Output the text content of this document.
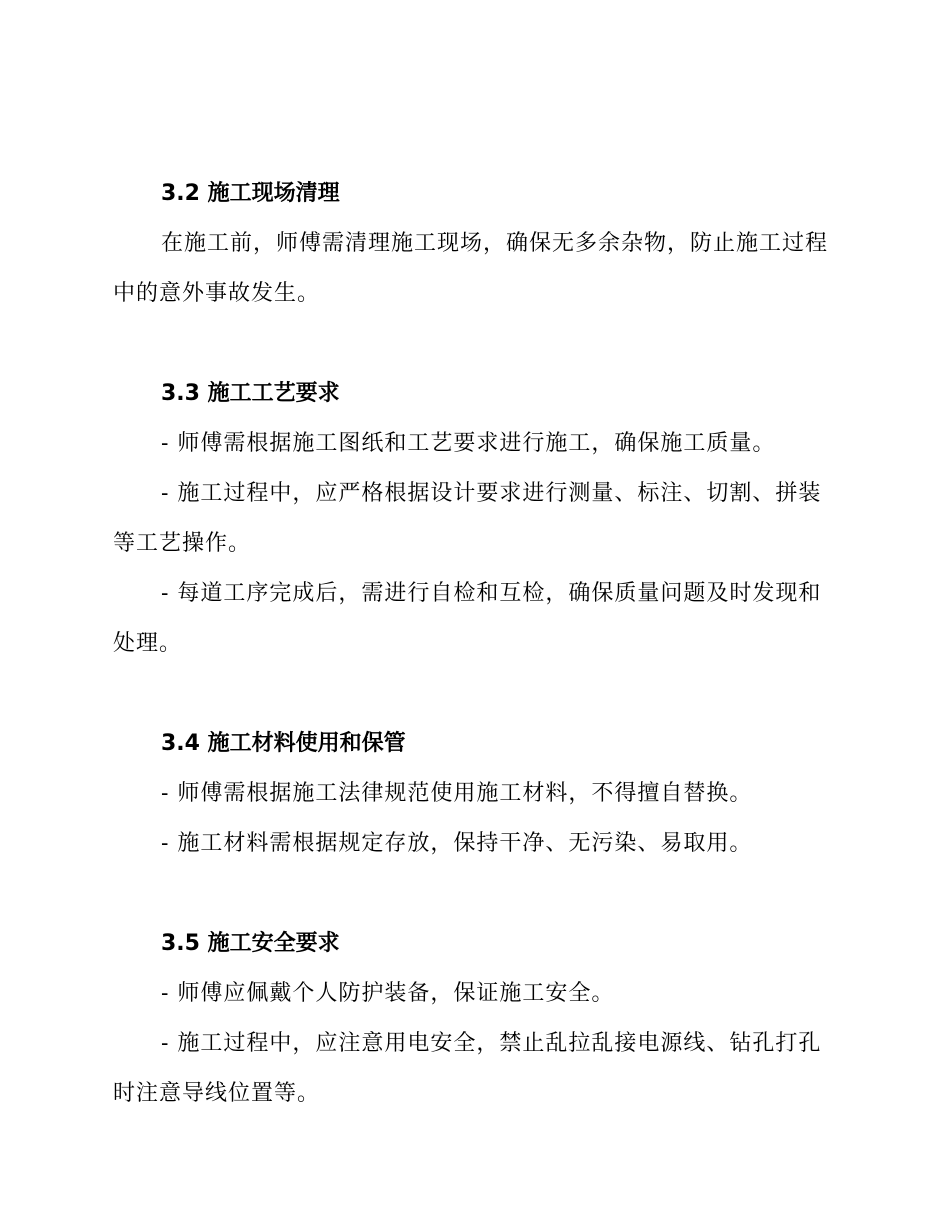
3.2 施工现场清理

在施工前，师傅需清理施工现场，确保无多余杂物，防止施工过程中的意外事故发生。

3.3 施工工艺要求

- 师傅需根据施工图纸和工艺要求进行施工，确保施工质量。

- 施工过程中，应严格根据设计要求进行测量、标注、切割、拼装等工艺操作。

- 每道工序完成后，需进行自检和互检，确保质量问题及时发现和处理。

3.4 施工材料使用和保管

- 师傅需根据施工法律规范使用施工材料，不得擅自替换。

- 施工材料需根据规定存放，保持干净、无污染、易取用。

3.5 施工安全要求

- 师傅应佩戴个人防护装备，保证施工安全。

- 施工过程中，应注意用电安全，禁止乱拉乱接电源线、钻孔打孔时注意导线位置等。
